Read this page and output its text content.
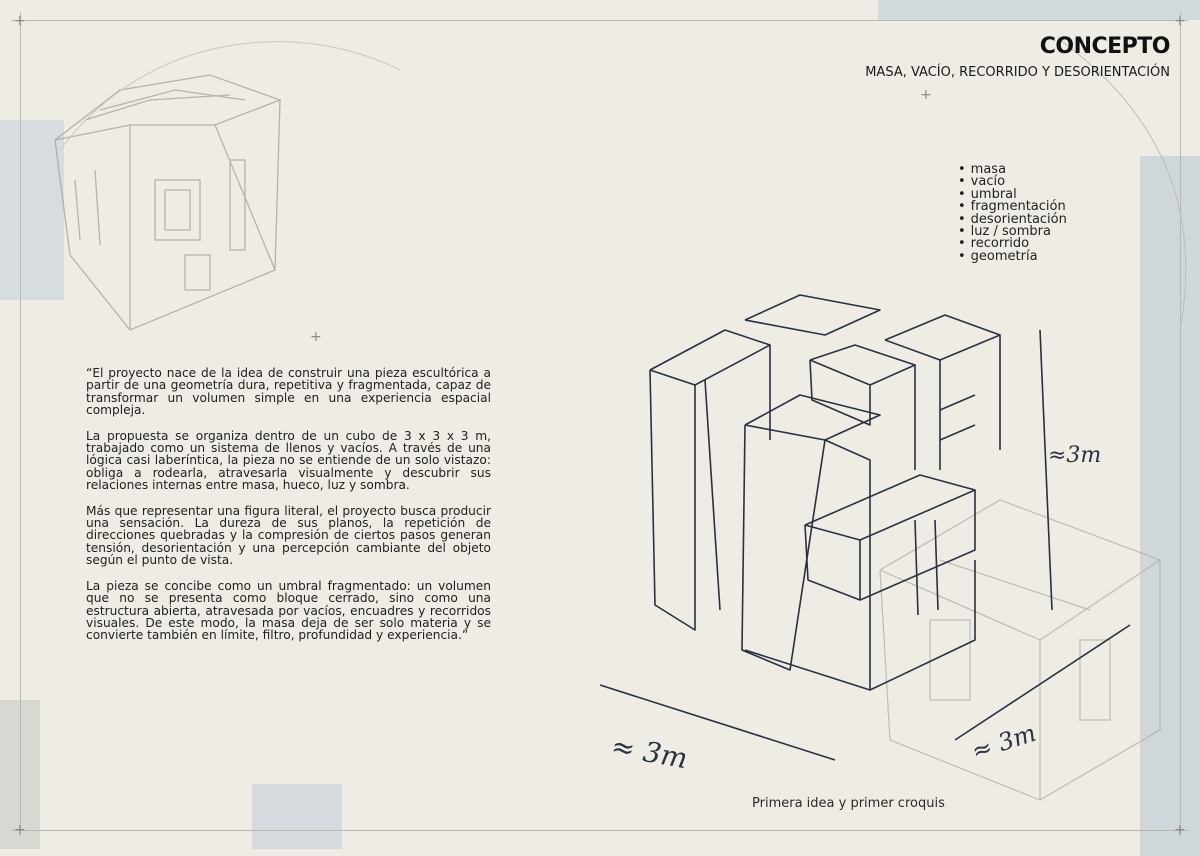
+	+
+	+
+
+
≈3m
≈ 3m	≈ 3m
CONCEPTO
MASA, VACÍO, RECORRIDO Y DESORIENTACIÓN
• masa
• vacío
• umbral
• fragmentación
• desorientación
• luz / sombra
• recorrido
• geometría

“El proyecto nace de la idea de construir una pieza escultórica a partir de una geometría dura, repetitiva y fragmentada, capaz de transformar un volumen simple en una experiencia espacial compleja.

La propuesta se organiza dentro de un cubo de 3 x 3 x 3 m, trabajado como un sistema de llenos y vacíos. A través de una lógica casi laberíntica, la pieza no se entiende de un solo vistazo: obliga a rodearla, atravesarla visualmente y descubrir sus relaciones internas entre masa, hueco, luz y sombra.

Más que representar una figura literal, el proyecto busca producir una sensación. La dureza de sus planos, la repetición de direcciones quebradas y la compresión de ciertos pasos generan tensión, desorientación y una percepción cambiante del objeto según el punto de vista.

La pieza se concibe como un umbral fragmentado: un volumen que no se presenta como bloque cerrado, sino como una estructura abierta, atravesada por vacíos, encuadres y recorridos visuales. De este modo, la masa deja de ser solo materia y se convierte también en límite, filtro, profundidad y experiencia.”

Primera idea y primer croquis
